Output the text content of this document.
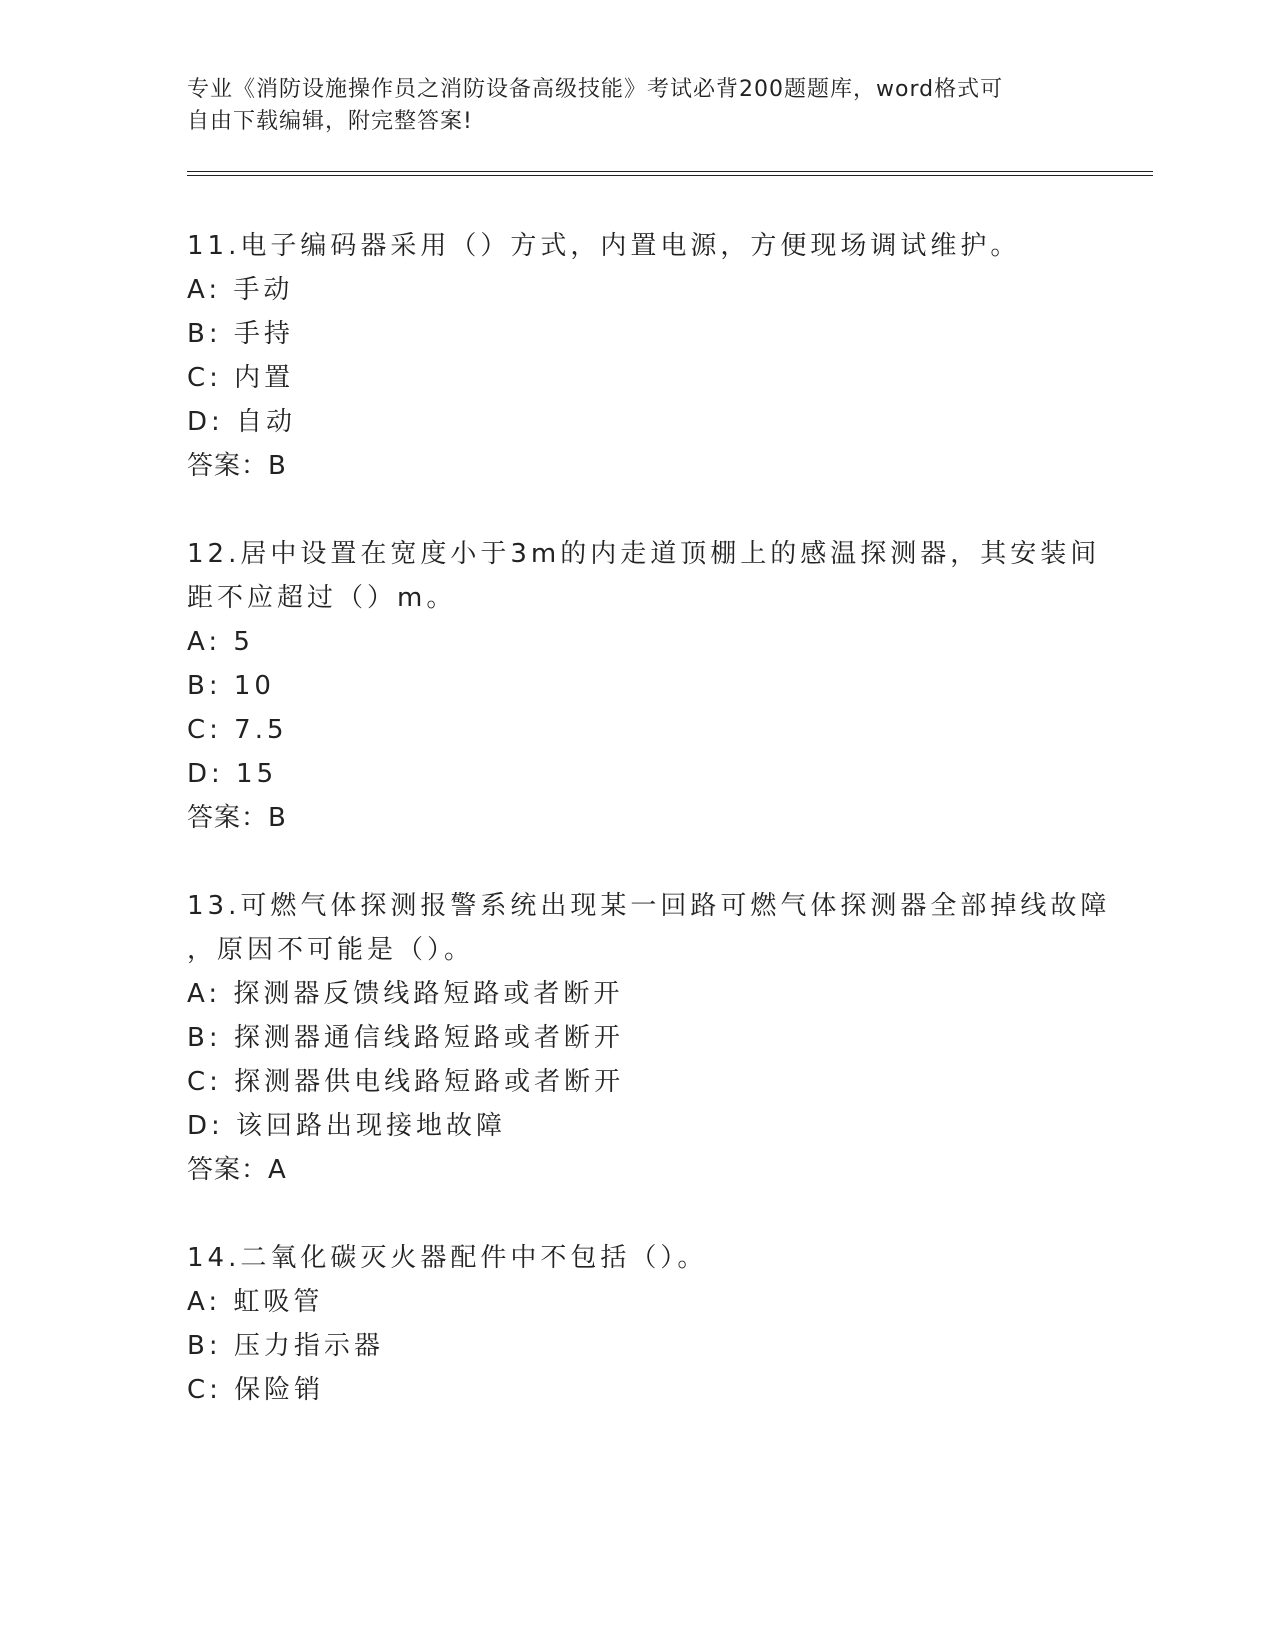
专业《消防设施操作员之消防设备高级技能》考试必背200题题库，word格式可
自由下载编辑，附完整答案!
11.电子编码器采用（）方式，内置电源，方便现场调试维护。
A: 手动
B: 手持
C: 内置
D: 自动
答案：B
12.居中设置在宽度小于3m的内走道顶棚上的感温探测器，其安装间
距不应超过（）m。
A: 5
B: 10
C: 7.5
D: 15
答案：B
13.可燃气体探测报警系统出现某一回路可燃气体探测器全部掉线故障
，原因不可能是（）。
A: 探测器反馈线路短路或者断开
B: 探测器通信线路短路或者断开
C: 探测器供电线路短路或者断开
D: 该回路出现接地故障
答案：A
14.二氧化碳灭火器配件中不包括（）。
A: 虹吸管
B: 压力指示器
C: 保险销
